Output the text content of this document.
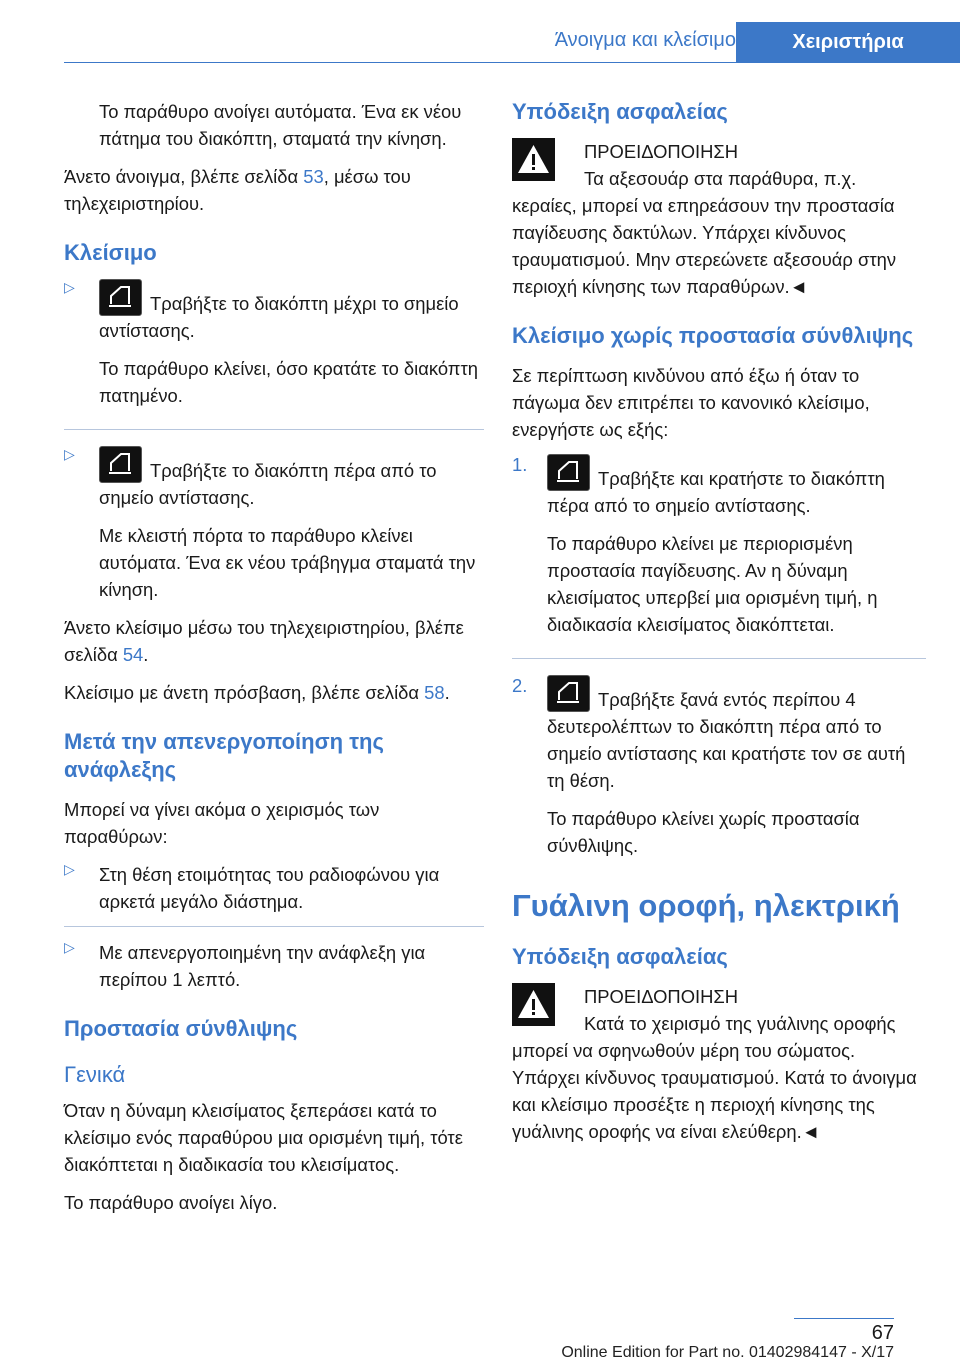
Άνοιγμα και κλείσιμο	Χειριστήρια

Το παράθυρο ανοίγει αυτόματα. Ένα εκ νέου πάτημα του διακόπτη, σταματά την κίνηση.

Άνετο άνοιγμα, βλέπε σελίδα 53, μέσω του τηλεχειριστηρίου.

Κλείσιμο
▷

Τραβήξτε το διακόπτη μέχρι το σημείο αντίστασης.

Το παράθυρο κλείνει, όσο κρατάτε το διακόπτη πατημένο.

▷

Τραβήξτε το διακόπτη πέρα από το σημείο αντίστασης.

Με κλειστή πόρτα το παράθυρο κλείνει αυτόματα. Ένα εκ νέου τράβηγμα σταματά την κίνηση.

Άνετο κλείσιμο μέσω του τηλεχειριστηρίου, βλέπε σελίδα 54.

Κλείσιμο με άνετη πρόσβαση, βλέπε σελίδα 58.

Μετά την απενεργοποίηση της ανάφλεξης

Μπορεί να γίνει ακόμα ο χειρισμός των παραθύρων:

▷ Στη θέση ετοιμότητας του ραδιοφώνου για αρκετά μεγάλο διάστημα.

▷ Με απενεργοποιημένη την ανάφλεξη για περίπου 1 λεπτό.

Προστασία σύνθλιψης
Γενικά

Όταν η δύναμη κλεισίματος ξεπεράσει κατά το κλείσιμο ενός παραθύρου μια ορισμένη τιμή, τότε διακόπτεται η διαδικασία του κλεισίματος.

Το παράθυρο ανοίγει λίγο.

Υπόδειξη ασφαλείας

ΠΡΟΕΙΔΟΠΟΙΗΣΗ

Τα αξεσουάρ στα παράθυρα, π.χ. κεραίες, μπορεί να επηρεάσουν την προστασία παγίδευσης δακτύλων. Υπάρχει κίνδυνος τραυματισμού. Μην στερεώνετε αξεσουάρ στην περιοχή κίνησης των παραθύρων.◄

Κλείσιμο χωρίς προστασία σύνθλιψης

Σε περίπτωση κινδύνου από έξω ή όταν το πάγωμα δεν επιτρέπει το κανονικό κλείσιμο, ενεργήστε ως εξής:

1.

Τραβήξτε και κρατήστε το διακόπτη πέρα από το σημείο αντίστασης.

Το παράθυρο κλείνει με περιορισμένη προστασία παγίδευσης. Αν η δύναμη κλεισίματος υπερβεί μια ορισμένη τιμή, η διαδικασία κλεισίματος διακόπτεται.

2.

Τραβήξτε ξανά εντός περίπου 4 δευτερολέπτων το διακόπτη πέρα από το σημείο αντίστασης και κρατήστε τον σε αυτή τη θέση.

Το παράθυρο κλείνει χωρίς προστασία σύνθλιψης.

Γυάλινη οροφή, ηλεκτρική
Υπόδειξη ασφαλείας

ΠΡΟΕΙΔΟΠΟΙΗΣΗ

Κατά το χειρισμό της γυάλινης οροφής μπορεί να σφηνωθούν μέρη του σώματος. Υπάρχει κίνδυνος τραυματισμού. Κατά το άνοιγμα και κλείσιμο προσέξτε η περιοχή κίνησης της γυάλινης οροφής να είναι ελεύθερη.◄

67
Online Edition for Part no. 01402984147 - X/17
